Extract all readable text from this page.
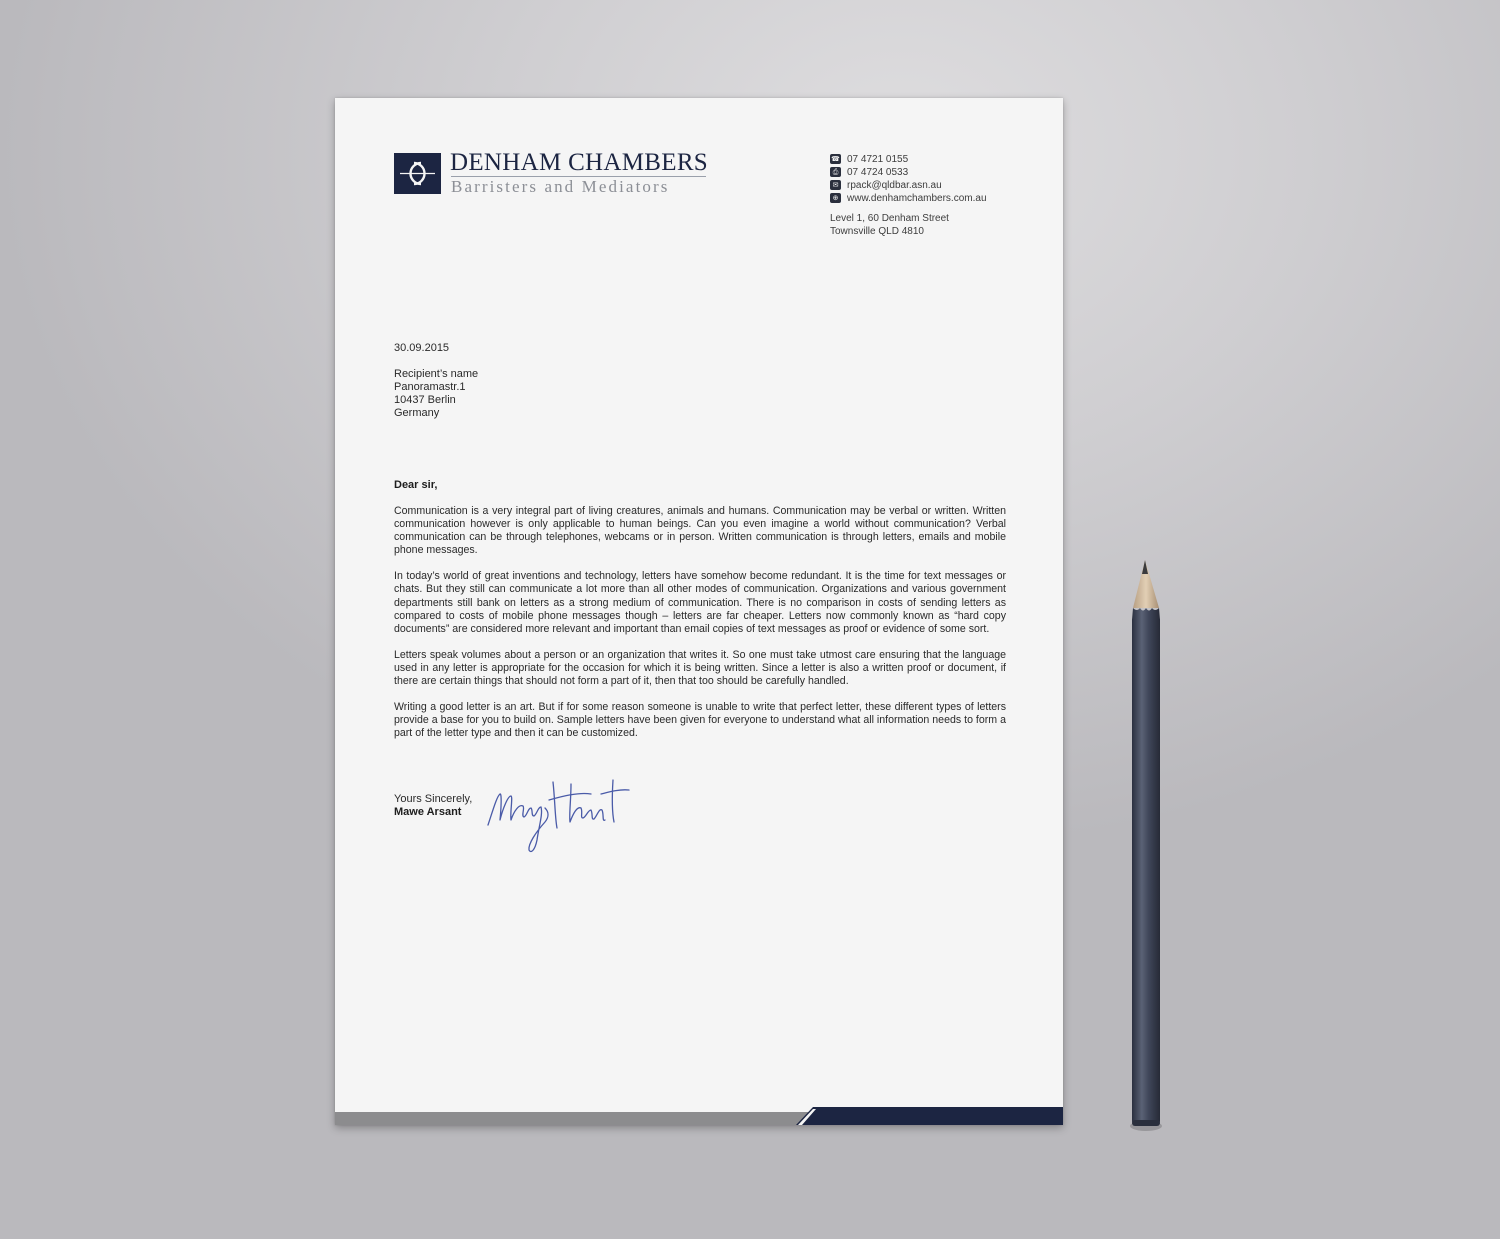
DENHAM CHAMBERS
Barristers and Mediators
☎ 07 4721 0155
⎙ 07 4724 0533
✉ rpack@qldbar.asn.au
⊕ www.denhamchambers.com.au
Level 1, 60 Denham Street
Townsville QLD 4810
30.09.2015
Recipient’s name
Panoramastr.1
10437 Berlin
Germany
Dear sir,

Communication is a very integral part of living creatures, animals and humans. Communication may be verbal or written. Written communication however is only applicable to human beings. Can you even imagine a world without communication? Verbal communication can be through telephones, webcams or in person. Written communication is through letters, emails and mobile phone messages.

In today’s world of great inventions and technology, letters have somehow become redundant. It is the time for text messages or chats. But they still can communicate a lot more than all other modes of communication. Organizations and various government departments still bank on letters as a strong medium of communication. There is no comparison in costs of sending letters as compared to costs of mobile phone messages though – letters are far cheaper. Letters now commonly known as “hard copy documents” are considered more relevant and important than email copies of text messages as proof or evidence of some sort.

Letters speak volumes about a person or an organization that writes it. So one must take utmost care ensuring that the language used in any letter is appropriate for the occasion for which it is being written. Since a letter is also a written proof or document, if there are certain things that should not form a part of it, then that too should be carefully handled.

Writing a good letter is an art. But if for some reason someone is unable to write that perfect letter, these different types of letters provide a base for you to build on. Sample letters have been given for everyone to understand what all information needs to form a part of the letter type and then it can be customized.

Yours Sincerely,
Mawe Arsant
